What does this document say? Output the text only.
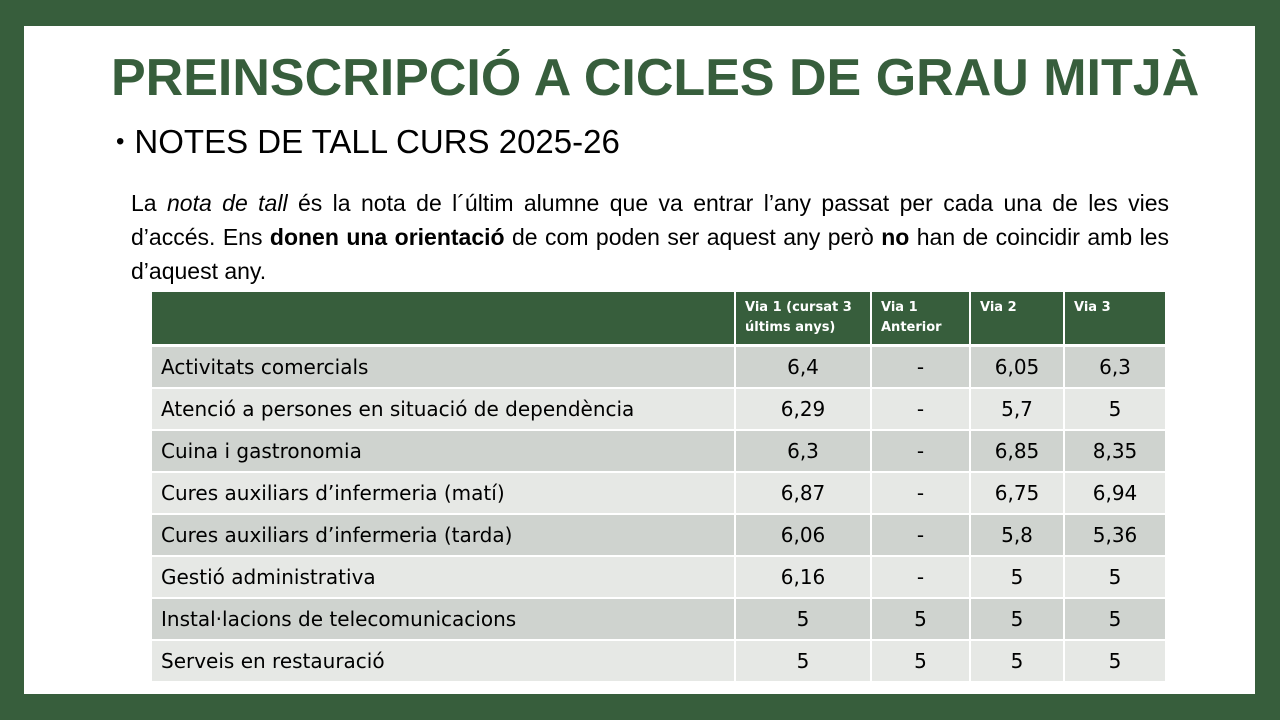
PREINSCRIPCIÓ A CICLES DE GRAU MITJÀ
• NOTES DE TALL CURS 2025-26

La nota de tall és la nota de l´últim alumne que va entrar l’any passat per cada una de les vies d’accés. Ens donen una orientació de com poden ser aquest any però no han de coincidir amb les d’aquest any.

	Via 1 (cursat 3 últims anys)	Via 1 Anterior	Via 2	Via 3
Activitats comercials	6,4	-	6,05	6,3
Atenció a persones en situació de dependència	6,29	-	5,7	5
Cuina i gastronomia	6,3	-	6,85	8,35
Cures auxiliars d’infermeria (matí)	6,87	-	6,75	6,94
Cures auxiliars d’infermeria (tarda)	6,06	-	5,8	5,36
Gestió administrativa	6,16	-	5	5
Instal·lacions de telecomunicacions	5	5	5	5
Serveis en restauració	5	5	5	5
